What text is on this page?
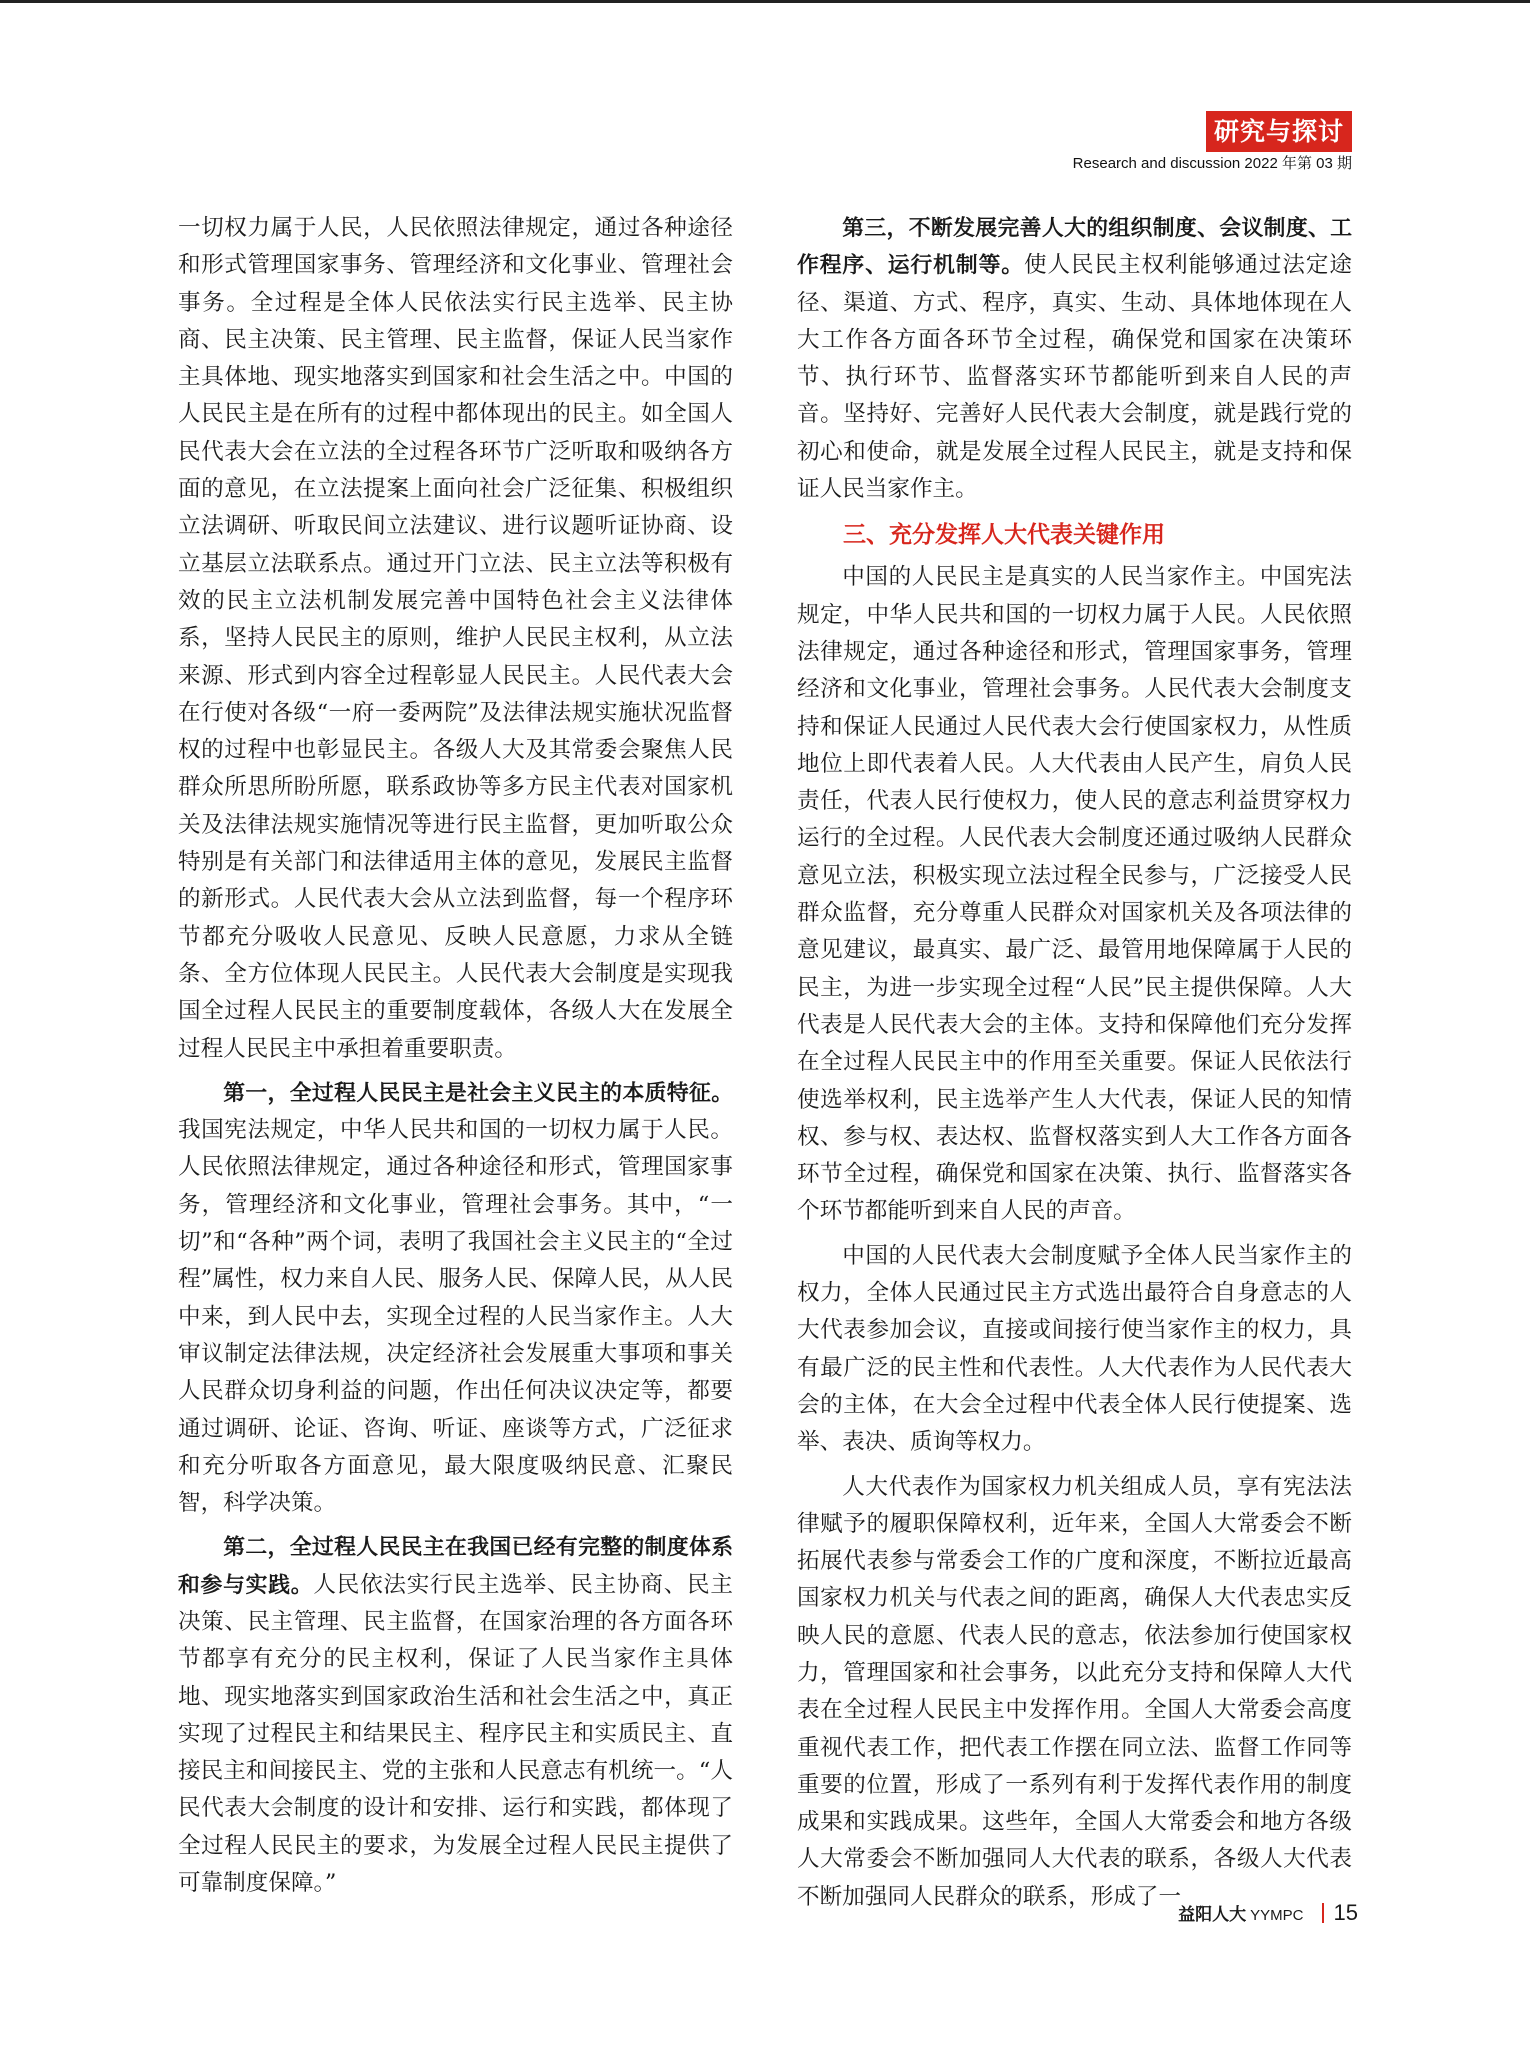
研究与探讨
Research and discussion 2022 年第 03 期

一切权力属于人民，人民依照法律规定，通过各种途径和形式管理国家事务、管理经济和文化事业、管理社会事务。全过程是全体人民依法实行民主选举、民主协商、民主决策、民主管理、民主监督，保证人民当家作主具体地、现实地落实到国家和社会生活之中。中国的人民民主是在所有的过程中都体现出的民主。如全国人民代表大会在立法的全过程各环节广泛听取和吸纳各方面的意见，在立法提案上面向社会广泛征集、积极组织立法调研、听取民间立法建议、进行议题听证协商、设立基层立法联系点。通过开门立法、民主立法等积极有效的民主立法机制发展完善中国特色社会主义法律体系，坚持人民民主的原则，维护人民民主权利，从立法来源、形式到内容全过程彰显人民民主。人民代表大会在行使对各级“一府一委两院”及法律法规实施状况监督权的过程中也彰显民主。各级人大及其常委会聚焦人民群众所思所盼所愿，联系政协等多方民主代表对国家机关及法律法规实施情况等进行民主监督，更加听取公众特别是有关部门和法律适用主体的意见，发展民主监督的新形式。人民代表大会从立法到监督，每一个程序环节都充分吸收人民意见、反映人民意愿，力求从全链条、全方位体现人民民主。人民代表大会制度是实现我国全过程人民民主的重要制度载体，各级人大在发展全过程人民民主中承担着重要职责。

第一，全过程人民民主是社会主义民主的本质特征。我国宪法规定，中华人民共和国的一切权力属于人民。人民依照法律规定，通过各种途径和形式，管理国家事务，管理经济和文化事业，管理社会事务。其中，“一切”和“各种”两个词，表明了我国社会主义民主的“全过程”属性，权力来自人民、服务人民、保障人民，从人民中来，到人民中去，实现全过程的人民当家作主。人大审议制定法律法规，决定经济社会发展重大事项和事关人民群众切身利益的问题，作出任何决议决定等，都要通过调研、论证、咨询、听证、座谈等方式，广泛征求和充分听取各方面意见，最大限度吸纳民意、汇聚民智，科学决策。

第二，全过程人民民主在我国已经有完整的制度体系和参与实践。人民依法实行民主选举、民主协商、民主决策、民主管理、民主监督，在国家治理的各方面各环节都享有充分的民主权利，保证了人民当家作主具体地、现实地落实到国家政治生活和社会生活之中，真正实现了过程民主和结果民主、程序民主和实质民主、直接民主和间接民主、党的主张和人民意志有机统一。“人民代表大会制度的设计和安排、运行和实践，都体现了全过程人民民主的要求，为发展全过程人民民主提供了可靠制度保障。”

第三，不断发展完善人大的组织制度、会议制度、工作程序、运行机制等。使人民民主权利能够通过法定途径、渠道、方式、程序，真实、生动、具体地体现在人大工作各方面各环节全过程，确保党和国家在决策环节、执行环节、监督落实环节都能听到来自人民的声音。坚持好、完善好人民代表大会制度，就是践行党的初心和使命，就是发展全过程人民民主，就是支持和保证人民当家作主。

三、充分发挥人大代表关键作用

中国的人民民主是真实的人民当家作主。中国宪法规定，中华人民共和国的一切权力属于人民。人民依照法律规定，通过各种途径和形式，管理国家事务，管理经济和文化事业，管理社会事务。人民代表大会制度支持和保证人民通过人民代表大会行使国家权力，从性质地位上即代表着人民。人大代表由人民产生，肩负人民责任，代表人民行使权力，使人民的意志利益贯穿权力运行的全过程。人民代表大会制度还通过吸纳人民群众意见立法，积极实现立法过程全民参与，广泛接受人民群众监督，充分尊重人民群众对国家机关及各项法律的意见建议，最真实、最广泛、最管用地保障属于人民的民主，为进一步实现全过程“人民”民主提供保障。人大代表是人民代表大会的主体。支持和保障他们充分发挥在全过程人民民主中的作用至关重要。保证人民依法行使选举权利，民主选举产生人大代表，保证人民的知情权、参与权、表达权、监督权落实到人大工作各方面各环节全过程，确保党和国家在决策、执行、监督落实各个环节都能听到来自人民的声音。

中国的人民代表大会制度赋予全体人民当家作主的权力，全体人民通过民主方式选出最符合自身意志的人大代表参加会议，直接或间接行使当家作主的权力，具有最广泛的民主性和代表性。人大代表作为人民代表大会的主体，在大会全过程中代表全体人民行使提案、选举、表决、质询等权力。

人大代表作为国家权力机关组成人员，享有宪法法律赋予的履职保障权利，近年来，全国人大常委会不断拓展代表参与常委会工作的广度和深度，不断拉近最高国家权力机关与代表之间的距离，确保人大代表忠实反映人民的意愿、代表人民的意志，依法参加行使国家权力，管理国家和社会事务，以此充分支持和保障人大代表在全过程人民民主中发挥作用。全国人大常委会高度重视代表工作，把代表工作摆在同立法、监督工作同等重要的位置，形成了一系列有利于发挥代表作用的制度成果和实践成果。这些年，全国人大常委会和地方各级人大常委会不断加强同人大代表的联系，各级人大代表不断加强同人民群众的联系，形成了一

益阳人大 YYMPC 15
